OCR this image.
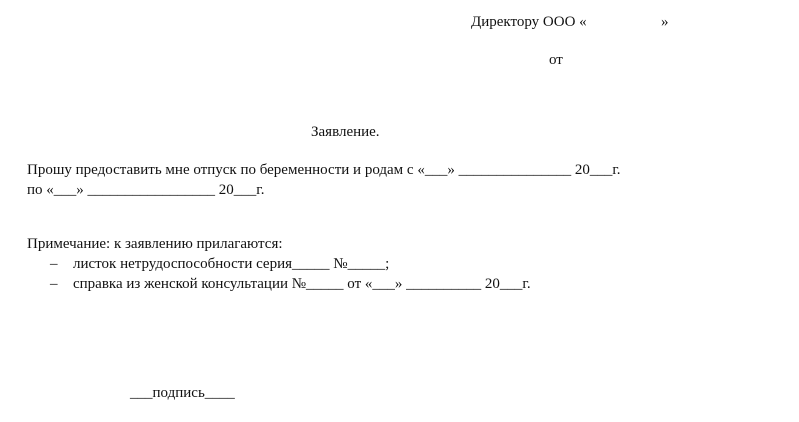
Директору ООО «	»
от
Заявление.
Прошу предоставить мне отпуск по беременности и родам с «___» _______________ 20___г.
по «___» _________________ 20___г.
Примечание: к заявлению прилагаются:
– листок нетрудоспособности серия_____ №_____;
– справка из женской консультации №_____ от «___» __________ 20___г.
___подпись____
